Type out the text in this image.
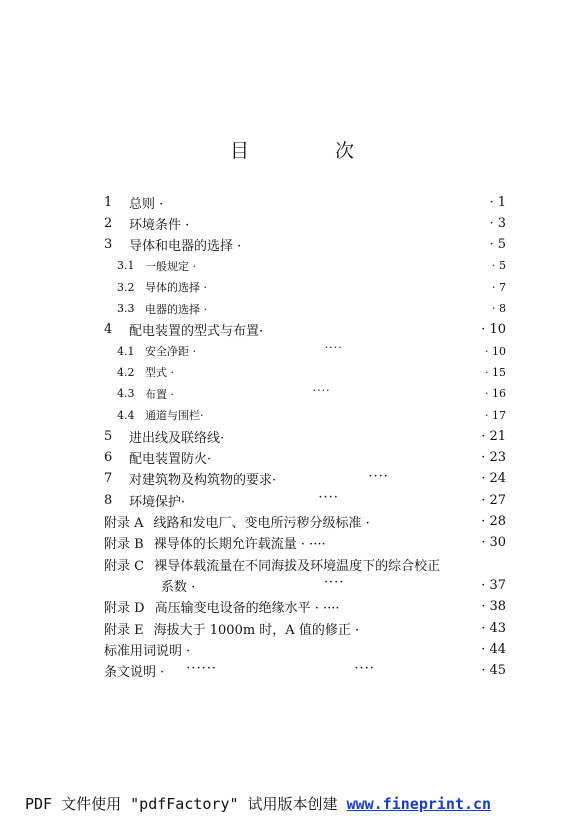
目 次
1	总则 ·	· 1
2	环境条件 ·	· 3
3	导体和电器的选择 ·	· 5
3.1 一般规定 ·	· 5
3.2 导体的选择 ·	· 7
3.3 电器的选择 ·	· 8
4	配电装置的型式与布置·	· 10
4.1 安全净距 ·	····	· 10
4.2 型式 ·	· 15
4.3 布置 ·	····	· 16
4.4 通道与围栏·	· 17
5	进出线及联络线·	· 21
6	配电装置防火·	· 23
7	对建筑物及构筑物的要求·	····	· 24
8	环境保护·	····	· 27
附录 A 线路和发电厂、变电所污秽分级标准 ·	· 28
附录 B 裸导体的长期允许载流量 · ····	· 30
附录 C 裸导体载流量在不同海拔及环境温度下的综合校正
系数 ·	····	· 37
附录 D 高压输变电设备的绝缘水平 · ····	· 38
附录 E 海拔大于 1000m 时，A 值的修正 ·	· 43
标准用词说明 ·	· 44
条文说明 · ······	····	· 45
PDF 文件使用 "pdfFactory" 试用版本创建 www.fineprint.cn
